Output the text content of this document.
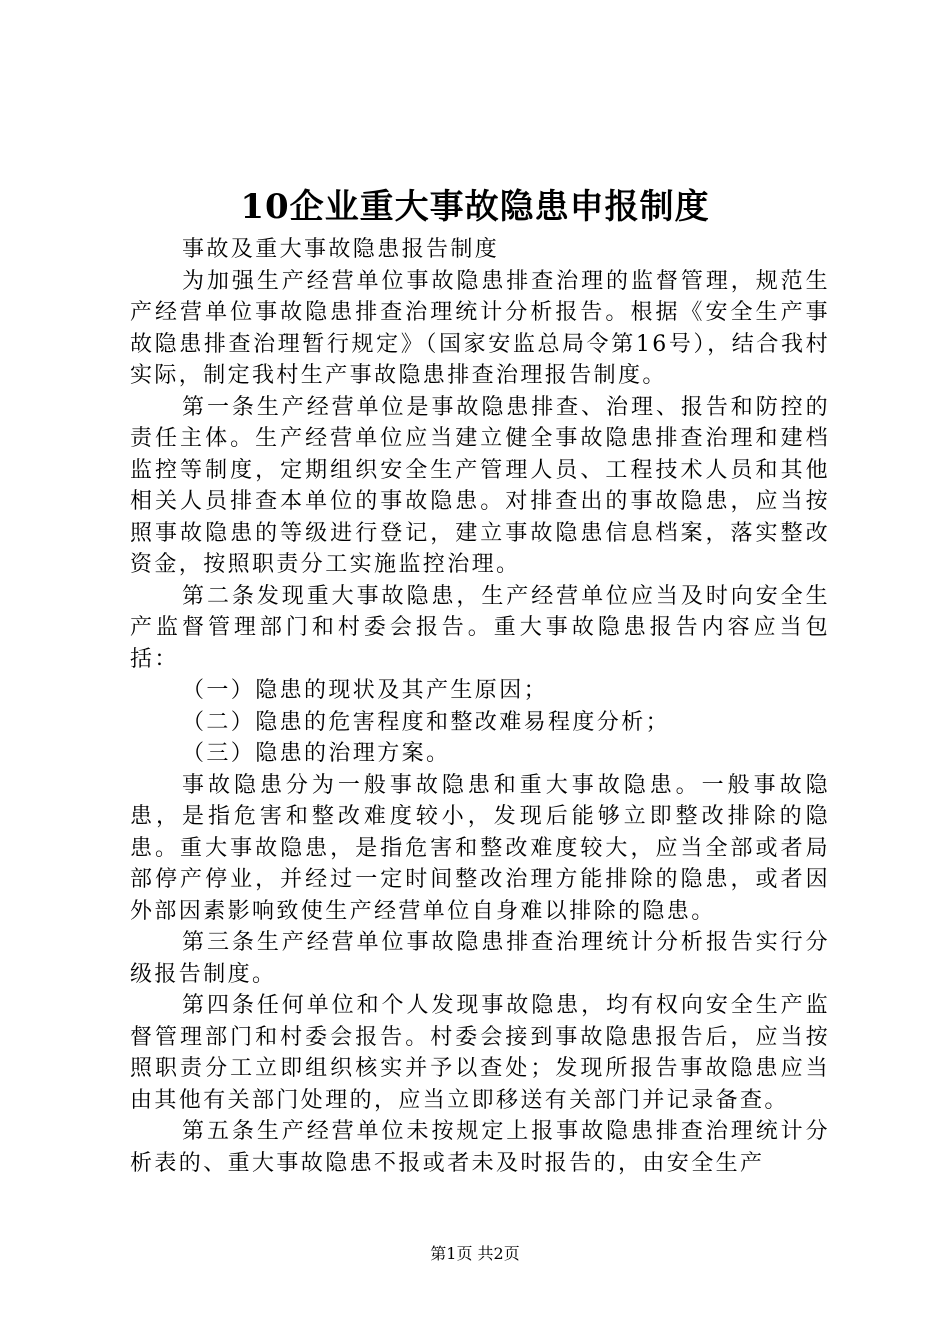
10企业重大事故隐患申报制度

事故及重大事故隐患报告制度

为加强生产经营单位事故隐患排查治理的监督管理，规范生产经营单位事故隐患排查治理统计分析报告。根据《安全生产事故隐患排查治理暂行规定》（国家安监总局令第16号），结合我村实际，制定我村生产事故隐患排查治理报告制度。

第一条生产经营单位是事故隐患排查、治理、报告和防控的责任主体。生产经营单位应当建立健全事故隐患排查治理和建档监控等制度，定期组织安全生产管理人员、工程技术人员和其他相关人员排查本单位的事故隐患。对排查出的事故隐患，应当按照事故隐患的等级进行登记，建立事故隐患信息档案，落实整改资金，按照职责分工实施监控治理。

第二条发现重大事故隐患，生产经营单位应当及时向安全生产监督管理部门和村委会报告。重大事故隐患报告内容应当包括：

（一）隐患的现状及其产生原因；

（二）隐患的危害程度和整改难易程度分析；

（三）隐患的治理方案。

事故隐患分为一般事故隐患和重大事故隐患。一般事故隐患，是指危害和整改难度较小，发现后能够立即整改排除的隐患。重大事故隐患，是指危害和整改难度较大，应当全部或者局部停产停业，并经过一定时间整改治理方能排除的隐患，或者因外部因素影响致使生产经营单位自身难以排除的隐患。

第三条生产经营单位事故隐患排查治理统计分析报告实行分级报告制度。

第四条任何单位和个人发现事故隐患，均有权向安全生产监督管理部门和村委会报告。村委会接到事故隐患报告后，应当按照职责分工立即组织核实并予以查处；发现所报告事故隐患应当由其他有关部门处理的，应当立即移送有关部门并记录备查。

第五条生产经营单位未按规定上报事故隐患排查治理统计分析表的、重大事故隐患不报或者未及时报告的，由安全生产

第1页 共2页
